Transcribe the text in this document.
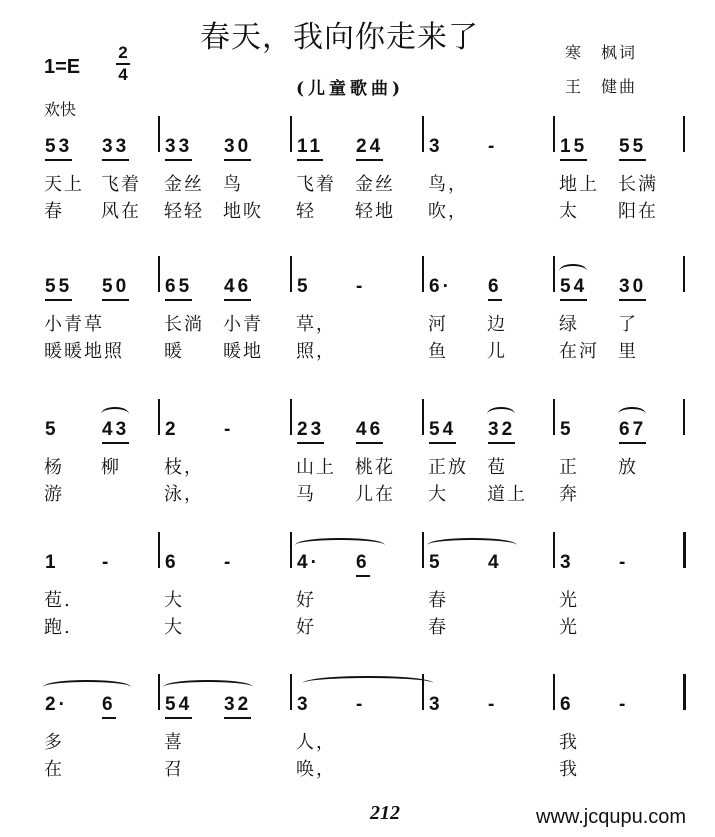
春天，我向你走来了
1=E
2
4
(儿童歌曲)
寒　枫词
王　健曲
欢快
53 33
天上 飞着
春 风在
33 30
金丝 鸟
轻轻 地吹
11 24
飞着 金丝
轻 轻地
3 -
鸟，
吹，
15 55
地上 长满
太 阳在
55 50
小青草
暖暖地照
65 46
长淌 小青
暖 暖地
5 -
草，
照，
6· 6
河 边
鱼 儿
54 30
绿 了
在河 里
5 43
杨 柳
游
2 -
枝，
泳，
23 46
山上 桃花
马 儿在
54 32
正放 苞
大 道上
5 67
正 放
奔
1 -
苞.
跑.
6 -
大
大
4· 6
好
好
5 4
春
春
3 -
光
光
2· 6
多
在
54 32
喜
召
3 -
人，
唤，
3 -	6 -
我
我
212	www.jcqupu.com
